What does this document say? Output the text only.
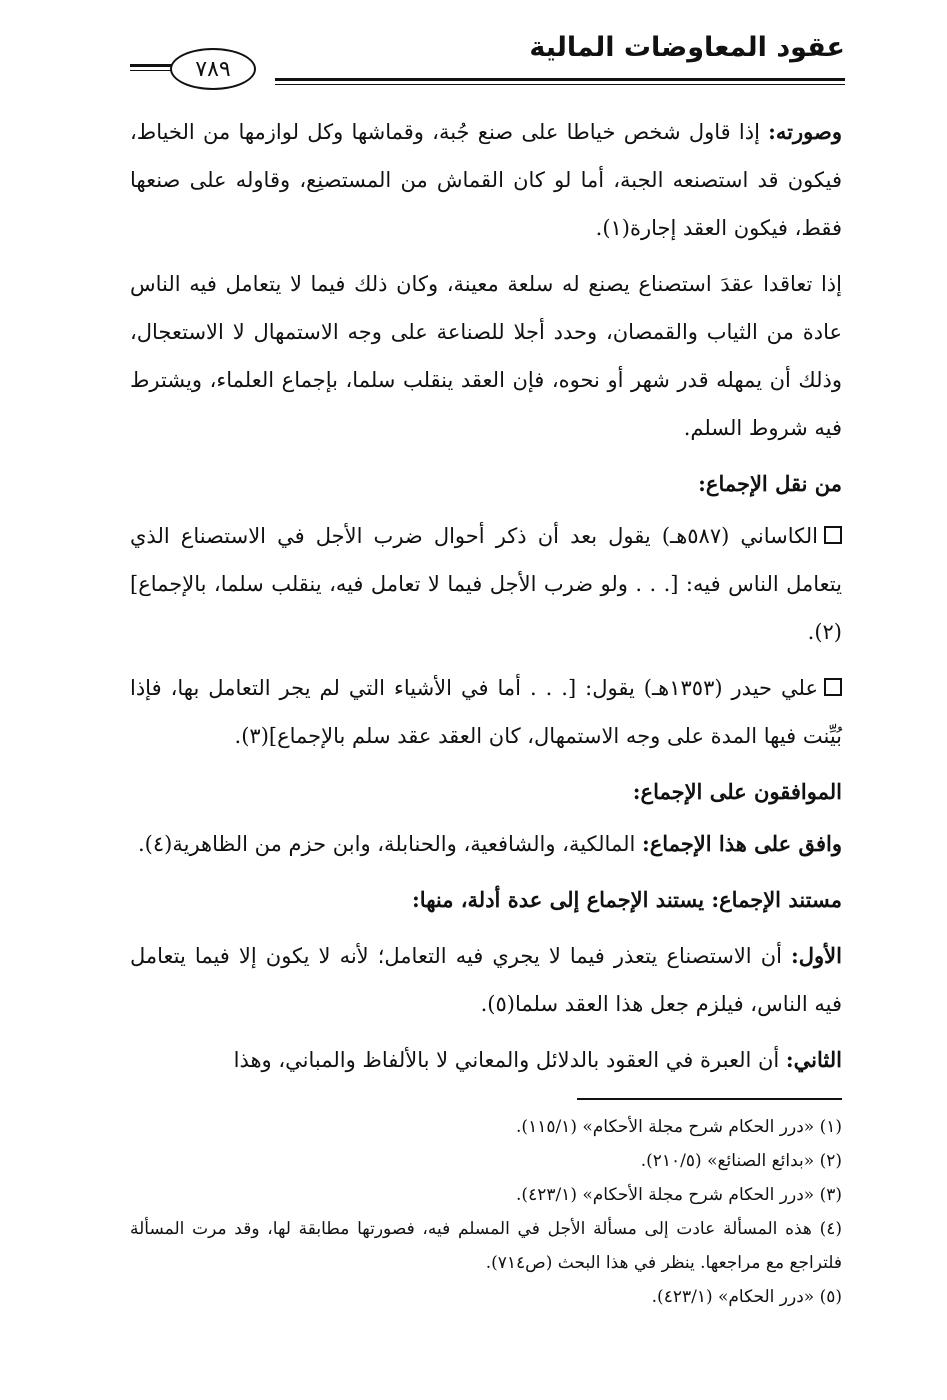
عقود المعاوضات المالية
٧٨٩

وصورته: إذا قاول شخص خياطا على صنع جُبة، وقماشها وكل لوازمها من الخياط، فيكون قد استصنعه الجبة، أما لو كان القماش من المستصنِع، وقاوله على صنعها فقط، فيكون العقد إجارة(١).

إذا تعاقدا عقدَ استصناع يصنع له سلعة معينة، وكان ذلك فيما لا يتعامل فيه الناس عادة من الثياب والقمصان، وحدد أجلا للصناعة على وجه الاستمهال لا الاستعجال، وذلك أن يمهله قدر شهر أو نحوه، فإن العقد ينقلب سلما، بإجماع العلماء، ويشترط فيه شروط السلم.

من نقل الإجماع:

الكاساني (٥٨٧هـ) يقول بعد أن ذكر أحوال ضرب الأجل في الاستصناع الذي يتعامل الناس فيه: [. . . ولو ضرب الأجل فيما لا تعامل فيه، ينقلب سلما، بالإجماع](٢).

علي حيدر (١٣٥٣هـ) يقول: [. . . أما في الأشياء التي لم يجر التعامل بها، فإذا بُيِّنت فيها المدة على وجه الاستمهال، كان العقد عقد سلم بالإجماع](٣).

الموافقون على الإجماع:

وافق على هذا الإجماع: المالكية، والشافعية، والحنابلة، وابن حزم من الظاهرية(٤).

مستند الإجماع: يستند الإجماع إلى عدة أدلة، منها:

الأول: أن الاستصناع يتعذر فيما لا يجري فيه التعامل؛ لأنه لا يكون إلا فيما يتعامل فيه الناس، فيلزم جعل هذا العقد سلما(٥).

الثاني: أن العبرة في العقود بالدلائل والمعاني لا بالألفاظ والمباني، وهذا

(١) «درر الحكام شرح مجلة الأحكام» (١١٥/١).

(٢) «بدائع الصنائع» (٢١٠/٥).

(٣) «درر الحكام شرح مجلة الأحكام» (٤٢٣/١).

(٤) هذه المسألة عادت إلى مسألة الأجل في المسلم فيه، فصورتها مطابقة لها، وقد مرت المسألة فلتراجع مع مراجعها. ينظر في هذا البحث (ص٧١٤).

(٥) «درر الحكام» (٤٢٣/١).
